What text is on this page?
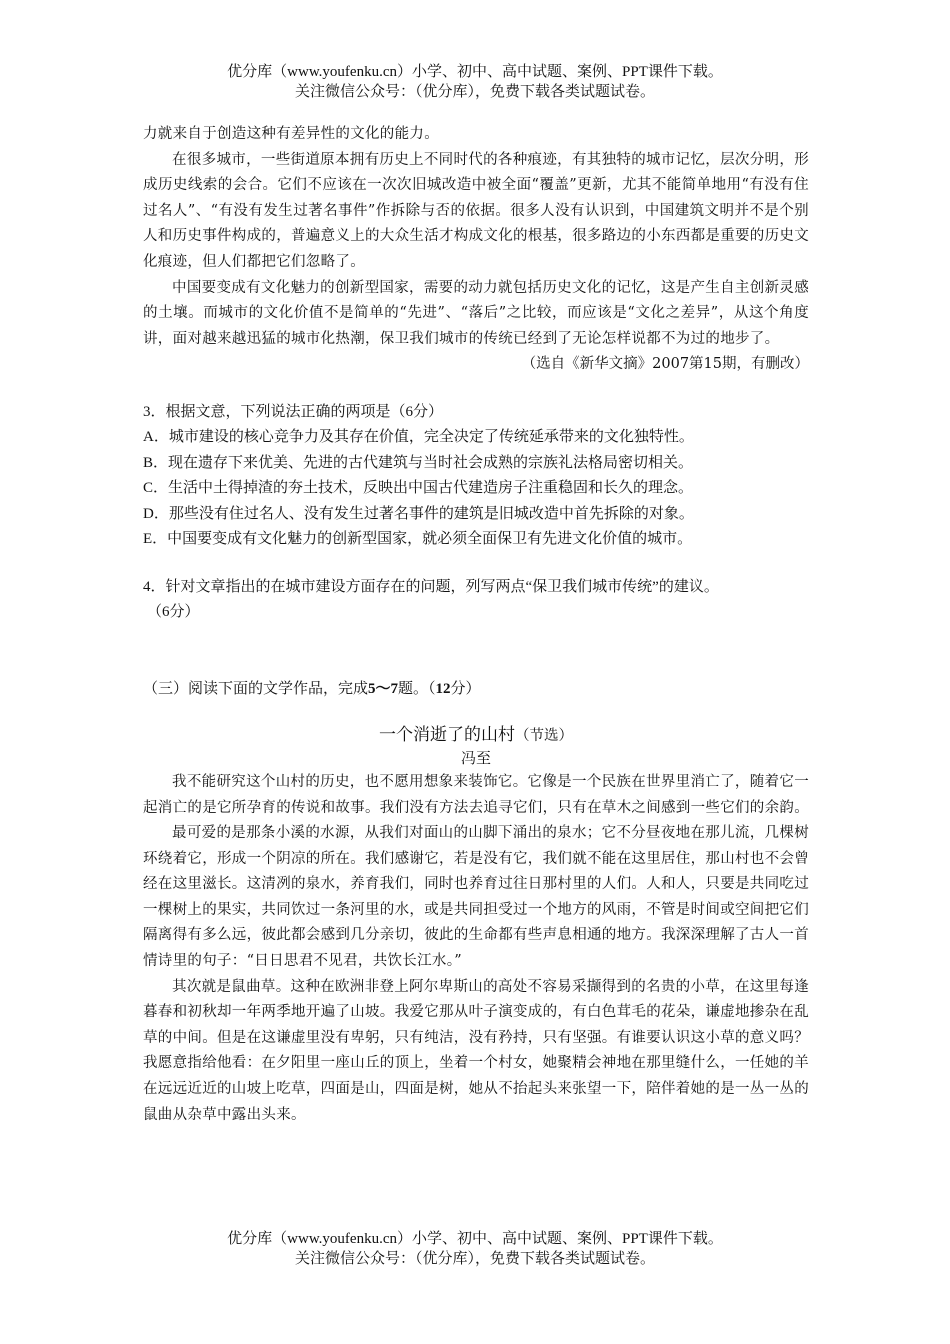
优分库（www.youfenku.cn）小学、初中、高中试题、案例、PPT课件下载。

关注微信公众号：（优分库），免费下载各类试题试卷。

力就来自于创造这种有差异性的文化的能力。

在很多城市，一些街道原本拥有历史上不同时代的各种痕迹，有其独特的城市记忆，层次分明，形成历史线索的会合。它们不应该在一次次旧城改造中被全面“覆盖”更新，尤其不能简单地用“有没有住过名人”、“有没有发生过著名事件”作拆除与否的依据。很多人没有认识到，中国建筑文明并不是个别人和历史事件构成的，普遍意义上的大众生活才构成文化的根基，很多路边的小东西都是重要的历史文化痕迹，但人们都把它们忽略了。

中国要变成有文化魅力的创新型国家，需要的动力就包括历史文化的记忆，这是产生自主创新灵感的土壤。而城市的文化价值不是简单的“先进”、“落后”之比较，而应该是“文化之差异”，从这个角度讲，面对越来越迅猛的城市化热潮，保卫我们城市的传统已经到了无论怎样说都不为过的地步了。

（选自《新华文摘》2007第15期，有删改）

3．根据文意，下列说法正确的两项是（6分）

A．城市建设的核心竞争力及其存在价值，完全决定了传统延承带来的文化独特性。

B．现在遗存下来优美、先进的古代建筑与当时社会成熟的宗族礼法格局密切相关。

C．生活中土得掉渣的夯土技术，反映出中国古代建造房子注重稳固和长久的理念。

D．那些没有住过名人、没有发生过著名事件的建筑是旧城改造中首先拆除的对象。

E．中国要变成有文化魅力的创新型国家，就必须全面保卫有先进文化价值的城市。

4．针对文章指出的在城市建设方面存在的问题，列写两点“保卫我们城市传统”的建议。

（6分）

（三）阅读下面的文学作品，完成5～7题。（12分）

一个消逝了的山村（节选）

冯至

我不能研究这个山村的历史，也不愿用想象来装饰它。它像是一个民族在世界里消亡了，随着它一起消亡的是它所孕育的传说和故事。我们没有方法去追寻它们，只有在草木之间感到一些它们的余韵。

最可爱的是那条小溪的水源，从我们对面山的山脚下涌出的泉水；它不分昼夜地在那儿流，几棵树环绕着它，形成一个阴凉的所在。我们感谢它，若是没有它，我们就不能在这里居住，那山村也不会曾经在这里滋长。这清冽的泉水，养育我们，同时也养育过往日那村里的人们。人和人，只要是共同吃过一棵树上的果实，共同饮过一条河里的水，或是共同担受过一个地方的风雨，不管是时间或空间把它们隔离得有多么远，彼此都会感到几分亲切，彼此的生命都有些声息相通的地方。我深深理解了古人一首情诗里的句子：“日日思君不见君，共饮长江水。”

其次就是鼠曲草。这种在欧洲非登上阿尔卑斯山的高处不容易采撷得到的名贵的小草，在这里每逢暮春和初秋却一年两季地开遍了山坡。我爱它那从叶子演变成的，有白色茸毛的花朵，谦虚地掺杂在乱草的中间。但是在这谦虚里没有卑躬，只有纯洁，没有矜持，只有坚强。有谁要认识这小草的意义吗？我愿意指给他看：在夕阳里一座山丘的顶上，坐着一个村女，她聚精会神地在那里缝什么，一任她的羊在远远近近的山坡上吃草，四面是山，四面是树，她从不抬起头来张望一下，陪伴着她的是一丛一丛的鼠曲从杂草中露出头来。

优分库（www.youfenku.cn）小学、初中、高中试题、案例、PPT课件下载。

关注微信公众号：（优分库），免费下载各类试题试卷。
